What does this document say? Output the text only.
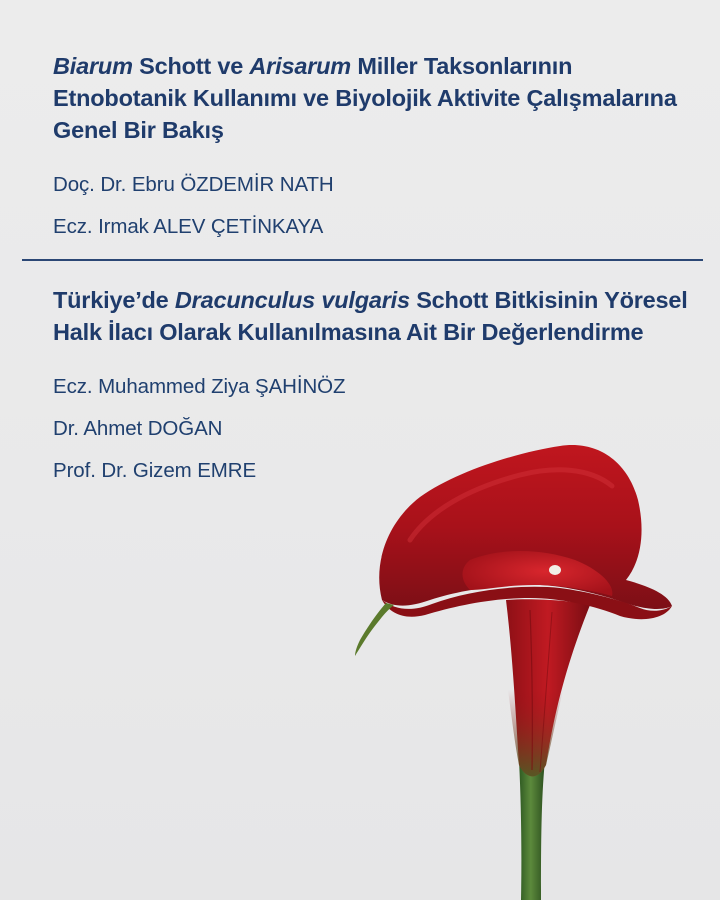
Biarum Schott ve Arisarum Miller Taksonlarının Etnobotanik Kullanımı ve Biyolojik Aktivite Çalışmalarına Genel Bir Bakış
Doç. Dr. Ebru ÖZDEMİR NATH
Ecz. Irmak ALEV ÇETİNKAYA
Türkiye’de Dracunculus vulgaris Schott Bitkisinin Yöresel Halk İlacı Olarak Kullanılmasına Ait Bir Değerlendirme
Ecz. Muhammed Ziya ŞAHİNÖZ
Dr. Ahmet DOĞAN
Prof. Dr. Gizem EMRE
